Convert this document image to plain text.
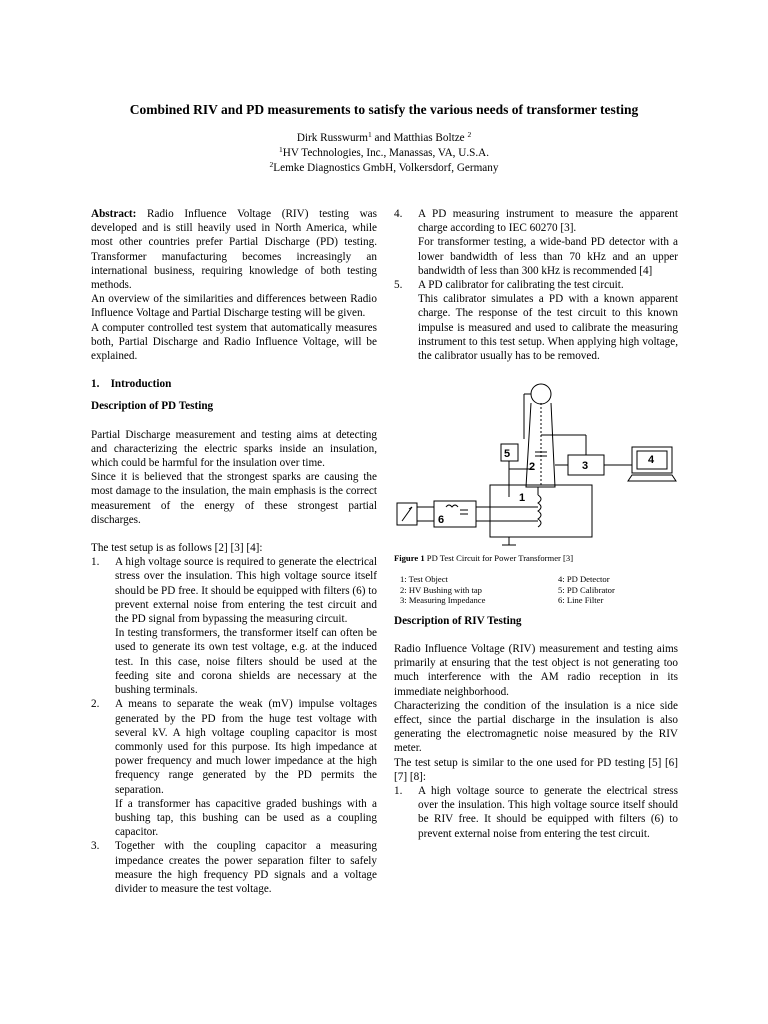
Combined RIV and PD measurements to satisfy the various needs of transformer testing
Dirk Russwurm$^1$ and Matthias Boltze $^2$
$^1$HV Technologies, Inc., Manassas, VA, U.S.A.
$^2$Lemke Diagnostics GmbH, Volkersdorf, Germany

Abstract: Radio Influence Voltage (RIV) testing was developed and is still heavily used in North America, while most other countries prefer Partial Discharge (PD) testing. Transformer manufacturing becomes increasingly an international business, requiring knowledge of both testing methods.

An overview of the similarities and differences between Radio Influence Voltage and Partial Discharge testing will be given.

A computer controlled test system that automatically measures both, Partial Discharge and Radio Influence Voltage, will be explained.

1.    Introduction

Description of PD Testing

Partial Discharge measurement and testing aims at detecting and characterizing the electric sparks inside an insulation, which could be harmful for the insulation over time.

Since it is believed that the strongest sparks are causing the most damage to the insulation, the main emphasis is the correct measurement of the energy of these strongest partial discharges.

The test setup is as follows [2] [3] [4]:

1. A high voltage source is required to generate the electrical stress over the insulation. This high voltage source itself should be PD free. It should be equipped with filters (6) to prevent external noise from entering the test circuit and the PD signal from bypassing the measuring circuit.

In testing transformers, the transformer itself can often be used to generate its own test voltage, e.g. at the induced test. In this case, noise filters should be used at the feeding site and corona shields are necessary at the bushing terminals.

2. A means to separate the weak (mV) impulse voltages generated by the PD from the huge test voltage with several kV. A high voltage coupling capacitor is most commonly used for this purpose. Its high impedance at power frequency and much lower impedance at the high frequency range generated by the PD permits the separation.

If a transformer has capacitive graded bushings with a bushing tap, this bushing can be used as a coupling capacitor.

3. Together with the coupling capacitor a measuring impedance creates the power separation filter to safely measure the high frequency PD signals and a voltage divider to measure the test voltage.

4. A PD measuring instrument to measure the apparent charge according to IEC 60270 [3].

For transformer testing, a wide-band PD detector with a lower bandwidth of less than 70 kHz and an upper bandwidth of less than 300 kHz is recommended [4]

5. A PD calibrator for calibrating the test circuit.

This calibrator simulates a PD with a known apparent charge. The response of the test circuit to this known impulse is measured and used to calibrate the measuring instrument to this test setup. When applying high voltage, the calibrator usually has to be removed.

5
2	3	4
1
6

Figure 1 PD Test Circuit for Power Transformer [3]

1: Test Object	4: PD Detector
2: HV Bushing with tap	5: PD Calibrator
3: Measuring Impedance	6: Line Filter

Description of RIV Testing

Radio Influence Voltage (RIV) measurement and testing aims primarily at ensuring that the test object is not generating too much interference with the AM radio reception in its immediate neighborhood.

Characterizing the condition of the insulation is a nice side effect, since the partial discharge in the insulation is also generating the electromagnetic noise measured by the RIV meter.

The test setup is similar to the one used for PD testing [5] [6] [7] [8]:

1. A high voltage source to generate the electrical stress over the insulation. This high voltage source itself should be RIV free. It should be equipped with filters (6) to prevent external noise from entering the test circuit.
